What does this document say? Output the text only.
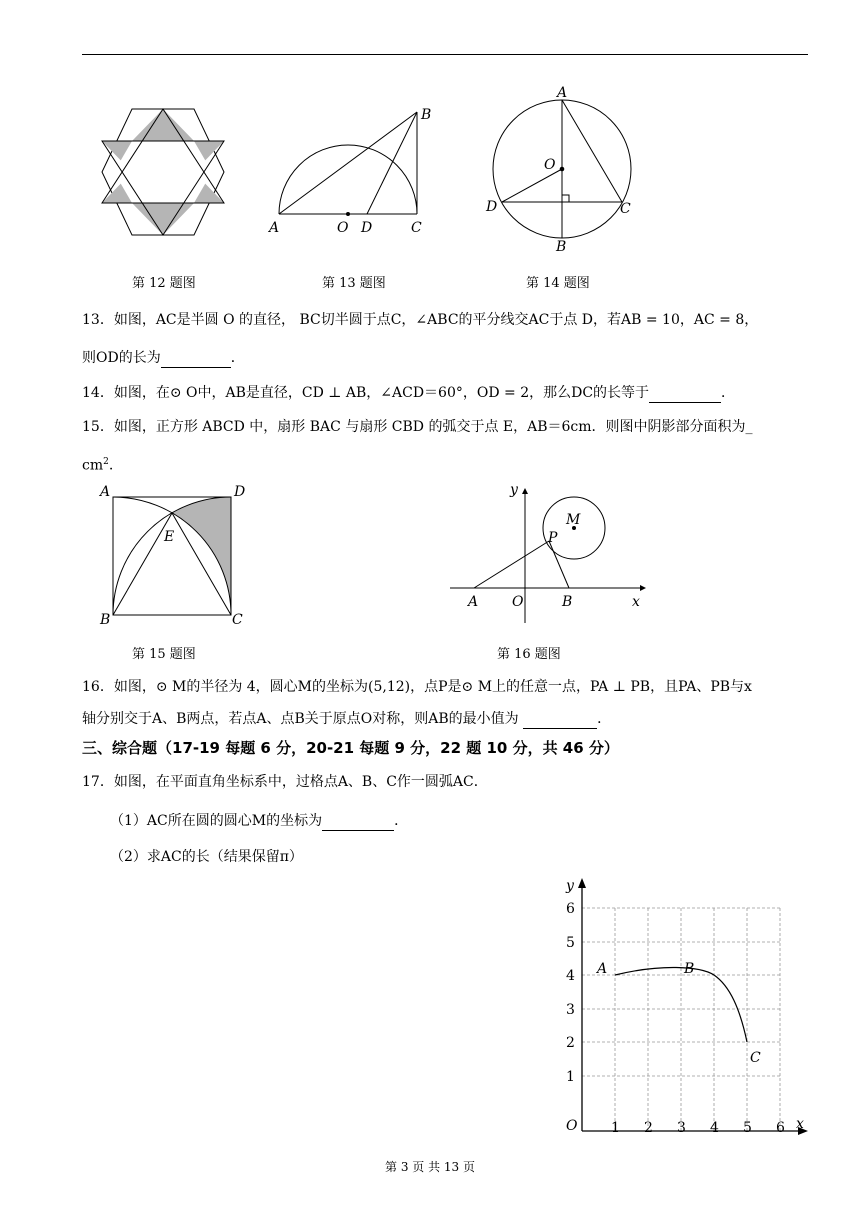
B
A	O D	C
A
O
D	C
B
第 12 题图	第 13 题图	第 14 题图
13．如图，AC是半圆 O 的直径， BC切半圆于点C，∠ABC的平分线交AC于点 D，若AB = 10，AC = 8，
则OD的长为	．
14．如图，在⊙ O中，AB是直径，CD ⊥ AB，∠ACD＝60°，OD = 2，那么DC的长等于	．
15．如图，正方形 ABCD 中，扇形 BAC 与扇形 CBD 的弧交于点 E，AB＝6cm．则图中阴影部分面积为_
$cm^2$.
A	D
E
B	C
y
M
P
A O	B	x
第 15 题图	第 16 题图
16．如图，⊙ M的半径为 4，圆心M的坐标为(5,12)，点P是⊙ M上的任意一点，PA ⊥ PB，且PA、PB与x
轴分别交于A、B两点，若点A、点B关于原点O对称，则AB的最小值为	．
三、综合题（17-19 每题 6 分，20-21 每题 9 分，22 题 10 分，共 46 分）
17．如图，在平面直角坐标系中，过格点A、B、C作一圆弧AC．
（1）AC所在圆的圆心M的坐标为	．
（2）求AC的长（结果保留π）
y
x
O
A	B
C
6
5
4
3
2
1
1 2 3 4 5 6
第 3 页 共 13 页
